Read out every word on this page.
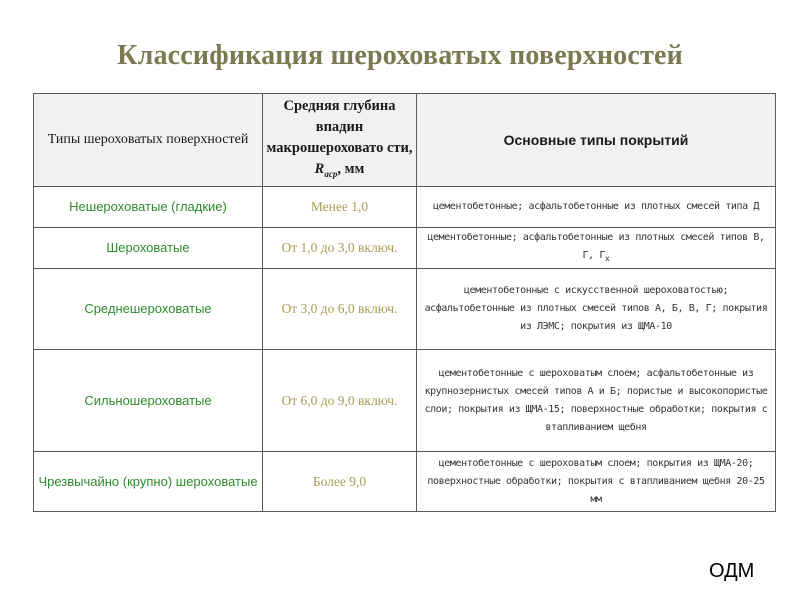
Классификация шероховатых поверхностей
Типы шероховатых поверхностей	Средняя глубина впадин макрошероховато сти, $R_{аср}$, мм	Основные типы покрытий
Нешероховатые (гладкие)	Менее 1,0	цементобетонные; асфальтобетонные из плотных смесей типа Д
Шероховатые	От 1,0 до 3,0 включ.	цементобетонные; асфальтобетонные из плотных смесей типов В, Г, $Г_х$
Среднешероховатые	От 3,0 до 6,0 включ.	цементобетонные с искусственной шероховатостью; асфальтобетонные из плотных смесей типов А, Б, В, Г; покрытия из ЛЭМС; покрытия из ЩМА-10
Сильношероховатые	От 6,0 до 9,0 включ.	цементобетонные с шероховатым слоем; асфальтобетонные из крупнозернистых смесей типов А и Б; пористые и высокопористые слои; покрытия из ЩМА-15; поверхностные обработки; покрытия с втапливанием щебня
Чрезвычайно (крупно) шероховатые	Более 9,0	цементобетонные с шероховатым слоем; покрытия из ЩМА-20; поверхностные обработки; покрытия с втапливанием щебня 20-25 мм
ОДМ
